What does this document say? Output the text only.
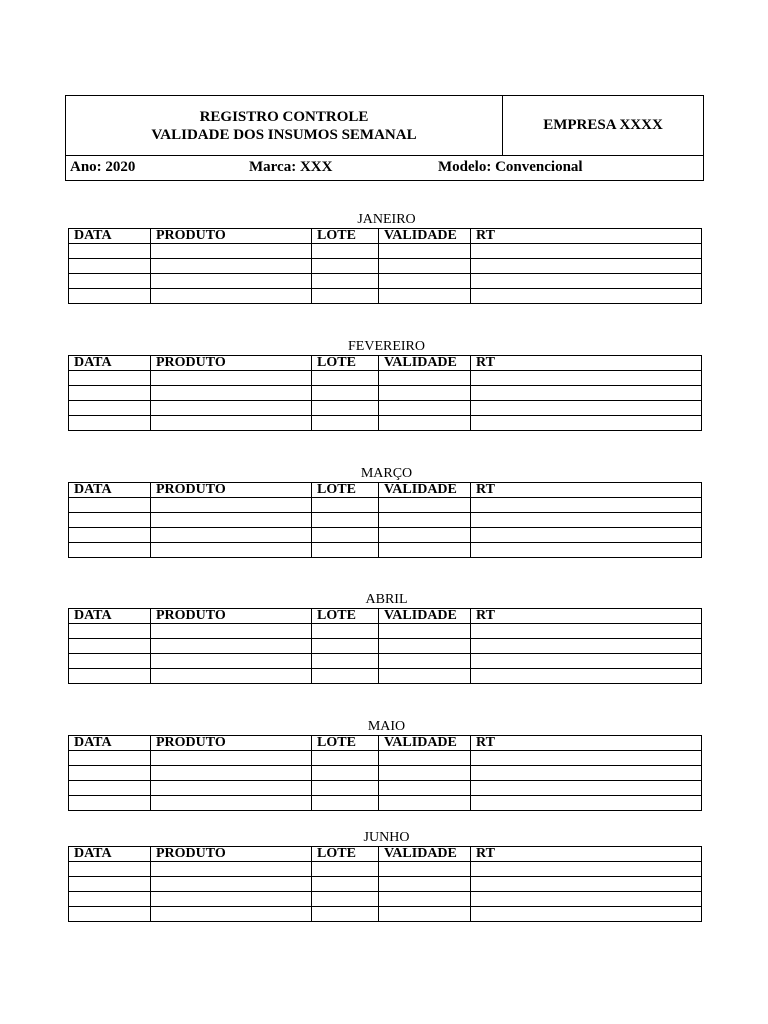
REGISTRO CONTROLE
VALIDADE DOS INSUMOS SEMANAL
EMPRESA XXXX
Ano: 2020	Marca: XXX	Modelo: Convencional
JANEIRO
DATA	PRODUTO	LOTE	VALIDADE	RT

FEVEREIRO
DATA	PRODUTO	LOTE	VALIDADE	RT

MARÇO
DATA	PRODUTO	LOTE	VALIDADE	RT

ABRIL
DATA	PRODUTO	LOTE	VALIDADE	RT

MAIO
DATA	PRODUTO	LOTE	VALIDADE	RT

JUNHO
DATA	PRODUTO	LOTE	VALIDADE	RT
